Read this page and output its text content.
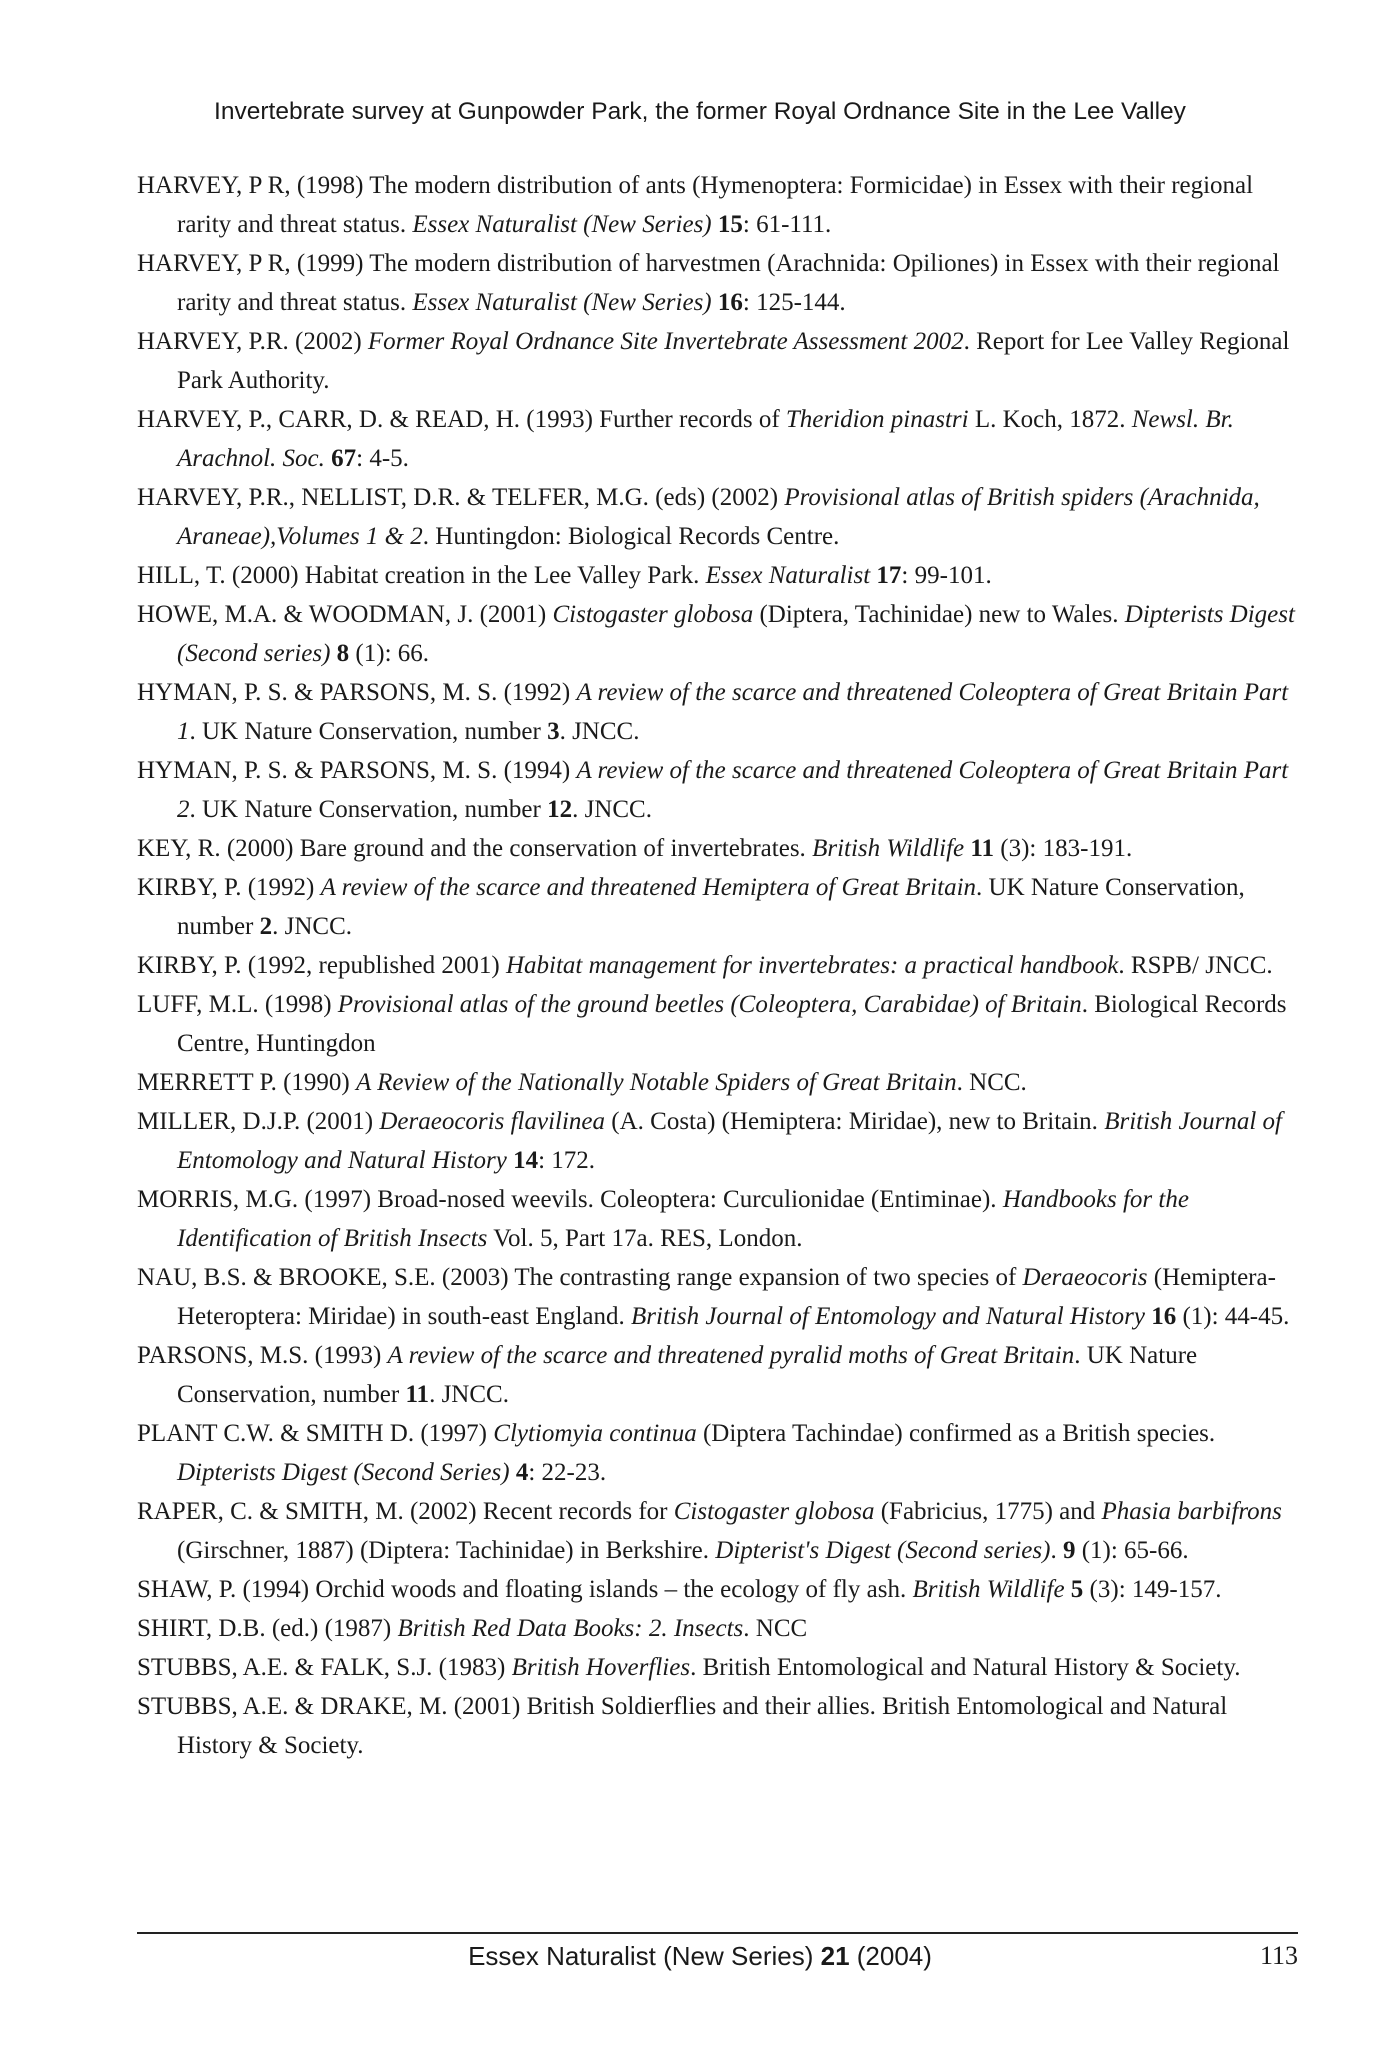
Invertebrate survey at Gunpowder Park, the former Royal Ordnance Site in the Lee Valley

HARVEY, P R, (1998) The modern distribution of ants (Hymenoptera: Formicidae) in Essex with their regional rarity and threat status. Essex Naturalist (New Series) 15: 61-111.

HARVEY, P R, (1999) The modern distribution of harvestmen (Arachnida: Opiliones) in Essex with their regional rarity and threat status. Essex Naturalist (New Series) 16: 125-144.

HARVEY, P.R. (2002) Former Royal Ordnance Site Invertebrate Assessment 2002. Report for Lee Valley Regional Park Authority.

HARVEY, P., CARR, D. & READ, H. (1993) Further records of Theridion pinastri L. Koch, 1872. Newsl. Br. Arachnol. Soc. 67: 4-5.

HARVEY, P.R., NELLIST, D.R. & TELFER, M.G. (eds) (2002) Provisional atlas of British spiders (Arachnida, Araneae),Volumes 1 & 2. Huntingdon: Biological Records Centre.

HILL, T. (2000) Habitat creation in the Lee Valley Park. Essex Naturalist 17: 99-101.

HOWE, M.A. & WOODMAN, J. (2001) Cistogaster globosa (Diptera, Tachinidae) new to Wales. Dipterists Digest (Second series) 8 (1): 66.

HYMAN, P. S. & PARSONS, M. S. (1992) A review of the scarce and threatened Coleoptera of Great Britain Part 1. UK Nature Conservation, number 3. JNCC.

HYMAN, P. S. & PARSONS, M. S. (1994) A review of the scarce and threatened Coleoptera of Great Britain Part 2. UK Nature Conservation, number 12. JNCC.

KEY, R. (2000) Bare ground and the conservation of invertebrates. British Wildlife 11 (3): 183-191.

KIRBY, P. (1992) A review of the scarce and threatened Hemiptera of Great Britain. UK Nature Conservation, number 2. JNCC.

KIRBY, P. (1992, republished 2001) Habitat management for invertebrates: a practical handbook. RSPB/ JNCC.

LUFF, M.L. (1998) Provisional atlas of the ground beetles (Coleoptera, Carabidae) of Britain. Biological Records Centre, Huntingdon

MERRETT P. (1990) A Review of the Nationally Notable Spiders of Great Britain. NCC.

MILLER, D.J.P. (2001) Deraeocoris flavilinea (A. Costa) (Hemiptera: Miridae), new to Britain. British Journal of Entomology and Natural History 14: 172.

MORRIS, M.G. (1997) Broad-nosed weevils. Coleoptera: Curculionidae (Entiminae). Handbooks for the Identification of British Insects Vol. 5, Part 17a. RES, London.

NAU, B.S. & BROOKE, S.E. (2003) The contrasting range expansion of two species of Deraeocoris (Hemiptera-Heteroptera: Miridae) in south-east England. British Journal of Entomology and Natural History 16 (1): 44-45.

PARSONS, M.S. (1993) A review of the scarce and threatened pyralid moths of Great Britain. UK Nature Conservation, number 11. JNCC.

PLANT C.W. & SMITH D. (1997) Clytiomyia continua (Diptera Tachindae) confirmed as a British species. Dipterists Digest (Second Series) 4: 22-23.

RAPER, C. & SMITH, M. (2002) Recent records for Cistogaster globosa (Fabricius, 1775) and Phasia barbifrons (Girschner, 1887) (Diptera: Tachinidae) in Berkshire. Dipterist's Digest (Second series). 9 (1): 65-66.

SHAW, P. (1994) Orchid woods and floating islands – the ecology of fly ash. British Wildlife 5 (3): 149-157.

SHIRT, D.B. (ed.) (1987) British Red Data Books: 2. Insects. NCC

STUBBS, A.E. & FALK, S.J. (1983) British Hoverflies. British Entomological and Natural History & Society.

STUBBS, A.E. & DRAKE, M. (2001) British Soldierflies and their allies. British Entomological and Natural History & Society.

Essex Naturalist (New Series) 21 (2004)	113
